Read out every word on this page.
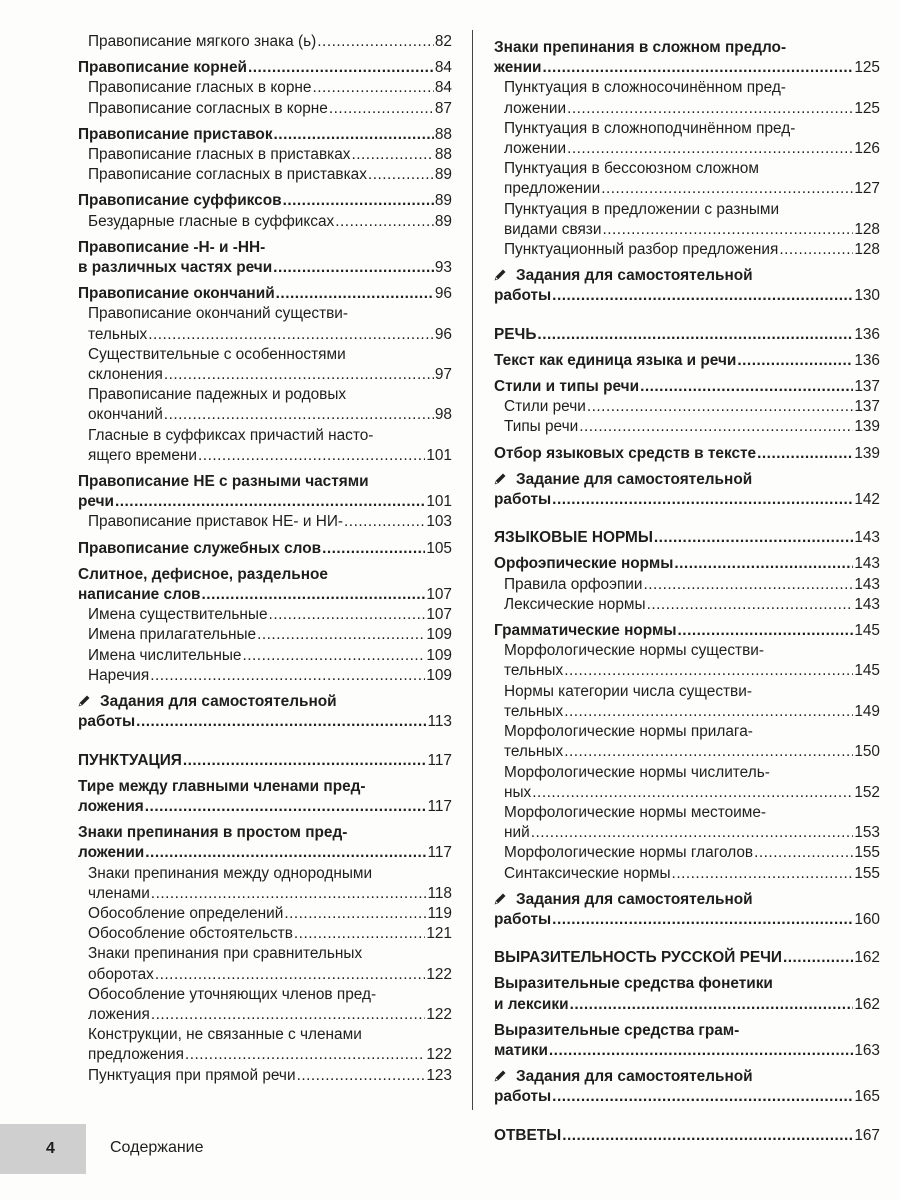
Правописание мягкого знака (ь) .....	82
Правописание корней .....	84
Правописание гласных в корне .....	84
Правописание согласных в корне .....	87
Правописание приставок .....	88
Правописание гласных в приставках .....	88
Правописание согласных в приставках .....	89
Правописание суффиксов .....	89
Безударные гласные в суффиксах .....	89
Правописание -Н- и -НН-
в различных частях речи .....	93
Правописание окончаний .....	96
Правописание окончаний существи-
тельных .....	96
Существительные с особенностями
склонения .....	97
Правописание падежных и родовых
окончаний .....	98
Гласные в суффиксах причастий насто-
ящего времени .....	101
Правописание НЕ с разными частями
речи .....	101
Правописание приставок НЕ- и НИ- .....	103
Правописание служебных слов .....	105
Слитное, дефисное, раздельное
написание слов .....	107
Имена существительные .....	107
Имена прилагательные .....	109
Имена числительные .....	109
Наречия .....	109
Задания для самостоятельной
работы .....	113
ПУНКТУАЦИЯ .....	117
Тире между главными членами пред-
ложения .....	117
Знаки препинания в простом пред-
ложении .....	117
Знаки препинания между однородными
членами .....	118
Обособление определений .....	119
Обособление обстоятельств .....	121
Знаки препинания при сравнительных
оборотах .....	122
Обособление уточняющих членов пред-
ложения .....	122
Конструкции, не связанные с членами
предложения .....	122
Пунктуация при прямой речи .....	123
Знаки препинания в сложном предло-
жении .....	125
Пунктуация в сложносочинённом пред-
ложении .....	125
Пунктуация в сложноподчинённом пред-
ложении .....	126
Пунктуация в бессоюзном сложном
предложении .....	127
Пунктуация в предложении с разными
видами связи .....	128
Пунктуационный разбор предложения .....	128
Задания для самостоятельной
работы .....	130
РЕЧЬ .....	136
Текст как единица языка и речи .....	136
Стили и типы речи .....	137
Стили речи .....	137
Типы речи .....	139
Отбор языковых средств в тексте .....	139
Задание для самостоятельной
работы .....	142
ЯЗЫКОВЫЕ НОРМЫ .....	143
Орфоэпические нормы .....	143
Правила орфоэпии .....	143
Лексические нормы .....	143
Грамматические нормы .....	145
Морфологические нормы существи-
тельных .....	145
Нормы категории числа существи-
тельных .....	149
Морфологические нормы прилага-
тельных .....	150
Морфологические нормы числитель-
ных .....	152
Морфологические нормы местоиме-
ний .....	153
Морфологические нормы глаголов .....	155
Синтаксические нормы .....	155
Задания для самостоятельной
работы .....	160
ВЫРАЗИТЕЛЬНОСТЬ РУССКОЙ РЕЧИ .....	162
Выразительные средства фонетики
и лексики .....	162
Выразительные средства грам-
матики .....	163
Задания для самостоятельной
работы .....	165
ОТВЕТЫ .....	167
4	Содержание
